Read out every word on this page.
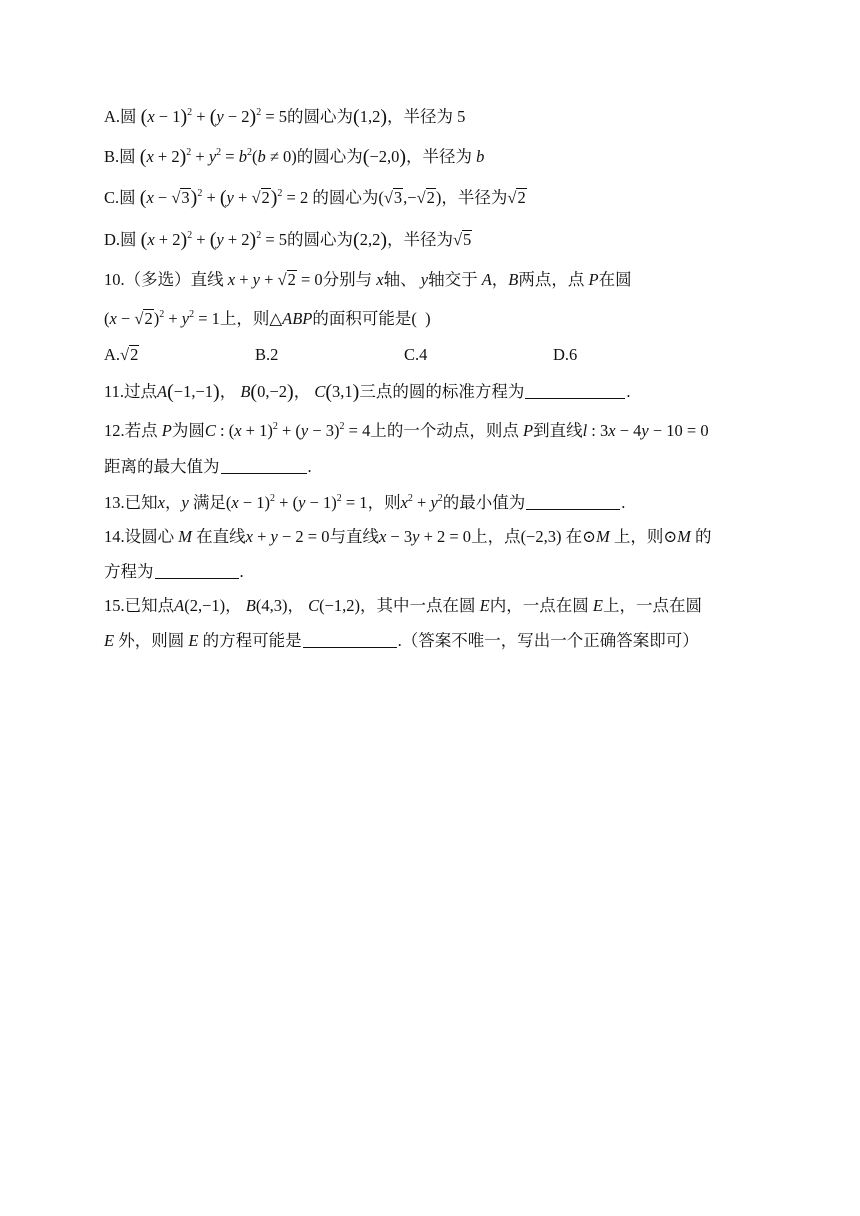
A.圆 $(x - 1)^2 + (y - 2)^2 = 5$的圆心为(1,2)，半径为 5
B.圆 $(x + 2)^2 + y^2 = b^2(b \ne 0)$的圆心为(−2,0)，半径为 b
C.圆 $(x - √3)^2 + (y + √2)^2 = 2$ 的圆心为(√3,−√2)，半径为√2
D.圆 $(x + 2)^2 + (y + 2)^2 = 5$的圆心为(2,2)，半径为√5
10.（多选）直线 x + y + √2 = 0分别与 x轴、 y轴交于 A，B两点，点 P在圆
$(x - √2)^2 + y^2 = 1$上，则△ABP的面积可能是( )
A.√2	B.2	C.4	D.6
11.过点A(−1,−1)， B(0,−2)， C(3,1)三点的圆的标准方程为	.
12.若点 P为圆C : $(x + 1)^2 + (y - 3)^2 = 4$上的一个动点，则点 P到直线l : 3x − 4y − 10 = 0
距离的最大值为	.
13.已知x，y 满足$(x - 1)^2 + (y - 1)^2 = 1$，则$x^2 + y^2$的最小值为	.
14.设圆心 M 在直线x + y − 2 = 0与直线x − 3y + 2 = 0上，点(−2,3) 在⊙M 上，则⊙M 的
方程为	.
15.已知点A(2,−1)， B(4,3)， C(−1,2)，其中一点在圆 E内，一点在圆 E上，一点在圆
E 外，则圆 E 的方程可能是	.（答案不唯一，写出一个正确答案即可）
